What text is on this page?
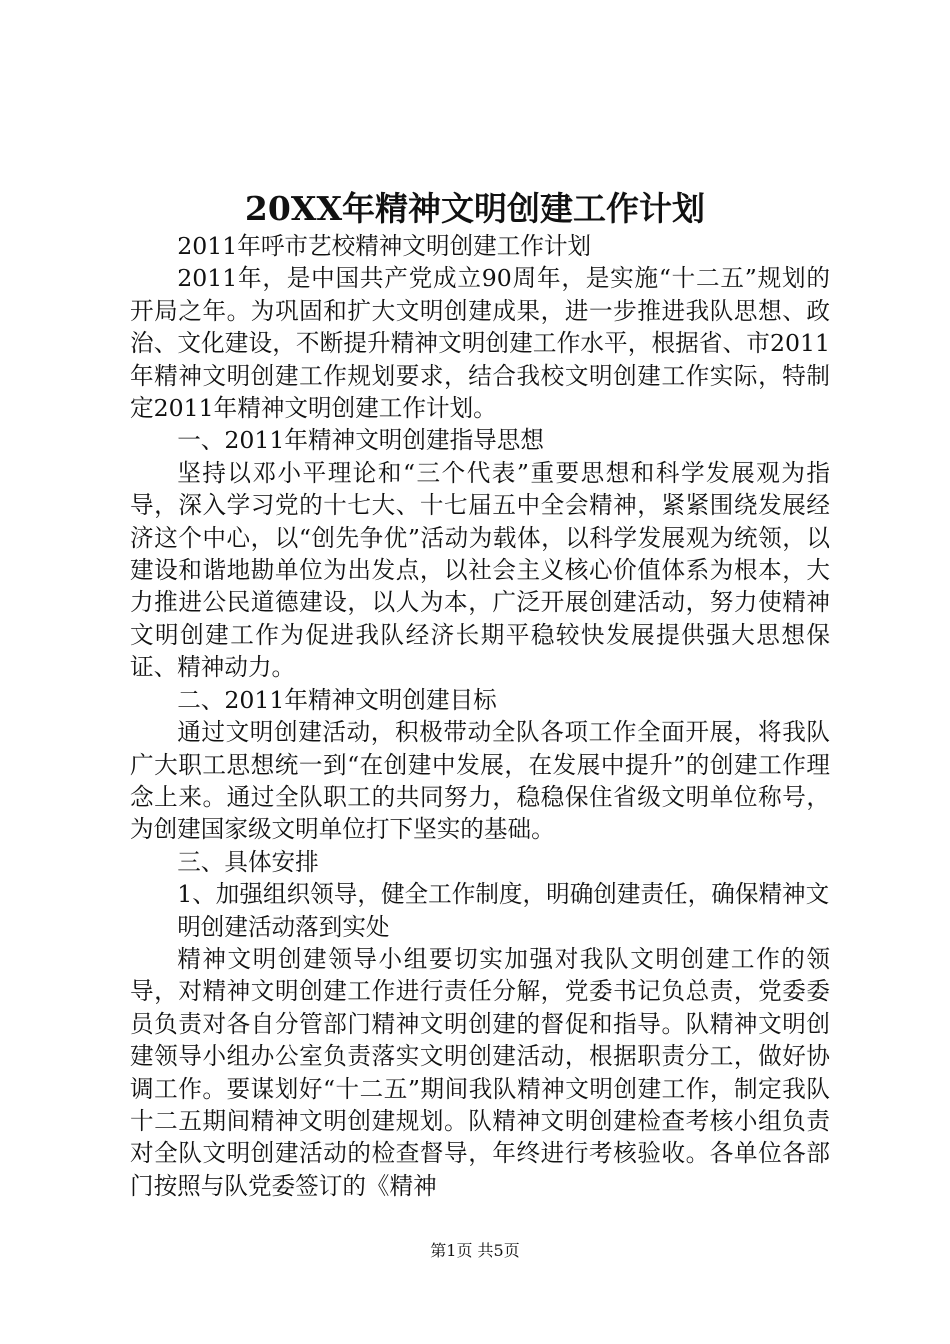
20XX年精神文明创建工作计划

2011年呼市艺校精神文明创建工作计划

2011年，是中国共产党成立90周年，是实施“十二五”规划的开局之年。为巩固和扩大文明创建成果，进一步推进我队思想、政治、文化建设，不断提升精神文明创建工作水平，根据省、市2011年精神文明创建工作规划要求，结合我校文明创建工作实际，特制定2011年精神文明创建工作计划。

一、2011年精神文明创建指导思想

坚持以邓小平理论和“三个代表”重要思想和科学发展观为指导，深入学习党的十七大、十七届五中全会精神，紧紧围绕发展经济这个中心，以“创先争优”活动为载体，以科学发展观为统领，以建设和谐地勘单位为出发点，以社会主义核心价值体系为根本，大力推进公民道德建设，以人为本，广泛开展创建活动，努力使精神文明创建工作为促进我队经济长期平稳较快发展提供强大思想保证、精神动力。

二、2011年精神文明创建目标

通过文明创建活动，积极带动全队各项工作全面开展，将我队广大职工思想统一到“在创建中发展，在发展中提升”的创建工作理念上来。通过全队职工的共同努力，稳稳保住省级文明单位称号，为创建国家级文明单位打下坚实的基础。

三、具体安排

1、加强组织领导，健全工作制度，明确创建责任，确保精神文

明创建活动落到实处

精神文明创建领导小组要切实加强对我队文明创建工作的领导，对精神文明创建工作进行责任分解，党委书记负总责，党委委员负责对各自分管部门精神文明创建的督促和指导。队精神文明创建领导小组办公室负责落实文明创建活动，根据职责分工，做好协调工作。要谋划好“十二五”期间我队精神文明创建工作，制定我队十二五期间精神文明创建规划。队精神文明创建检查考核小组负责对全队文明创建活动的检查督导，年终进行考核验收。各单位各部门按照与队党委签订的《精神

第1页 共5页
